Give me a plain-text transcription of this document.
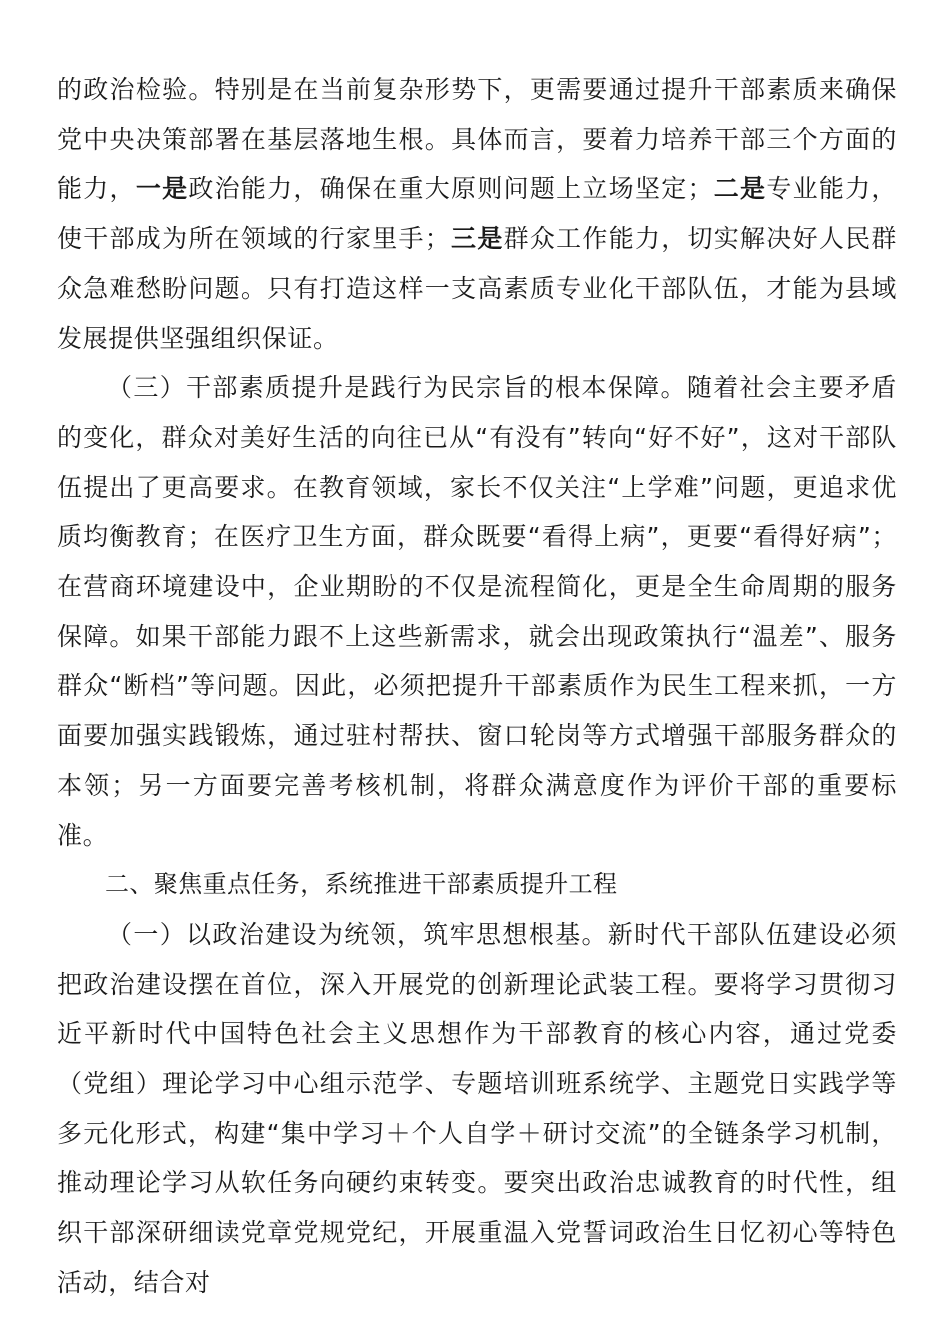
的政治检验。特别是在当前复杂形势下，更需要通过提升干部素质来确保党中央决策部署在基层落地生根。具体而言，要着力培养干部三个方面的能力，一是政治能力，确保在重大原则问题上立场坚定；二是专业能力，使干部成为所在领域的行家里手；三是群众工作能力，切实解决好人民群众急难愁盼问题。只有打造这样一支高素质专业化干部队伍，才能为县域发展提供坚强组织保证。

（三）干部素质提升是践行为民宗旨的根本保障。随着社会主要矛盾的变化，群众对美好生活的向往已从“有没有”转向“好不好”，这对干部队伍提出了更高要求。在教育领域，家长不仅关注“上学难”问题，更追求优质均衡教育；在医疗卫生方面，群众既要“看得上病”，更要“看得好病”；在营商环境建设中，企业期盼的不仅是流程简化，更是全生命周期的服务保障。如果干部能力跟不上这些新需求，就会出现政策执行“温差”、服务群众“断档”等问题。因此，必须把提升干部素质作为民生工程来抓，一方面要加强实践锻炼，通过驻村帮扶、窗口轮岗等方式增强干部服务群众的本领；另一方面要完善考核机制，将群众满意度作为评价干部的重要标准。

二、聚焦重点任务，系统推进干部素质提升工程

（一）以政治建设为统领，筑牢思想根基。新时代干部队伍建设必须把政治建设摆在首位，深入开展党的创新理论武装工程。要将学习贯彻习近平新时代中国特色社会主义思想作为干部教育的核心内容，通过党委（党组）理论学习中心组示范学、专题培训班系统学、主题党日实践学等多元化形式，构建“集中学习＋个人自学＋研讨交流”的全链条学习机制，推动理论学习从软任务向硬约束转变。要突出政治忠诚教育的时代性，组织干部深研细读党章党规党纪，开展重温入党誓词政治生日忆初心等特色活动，结合对
